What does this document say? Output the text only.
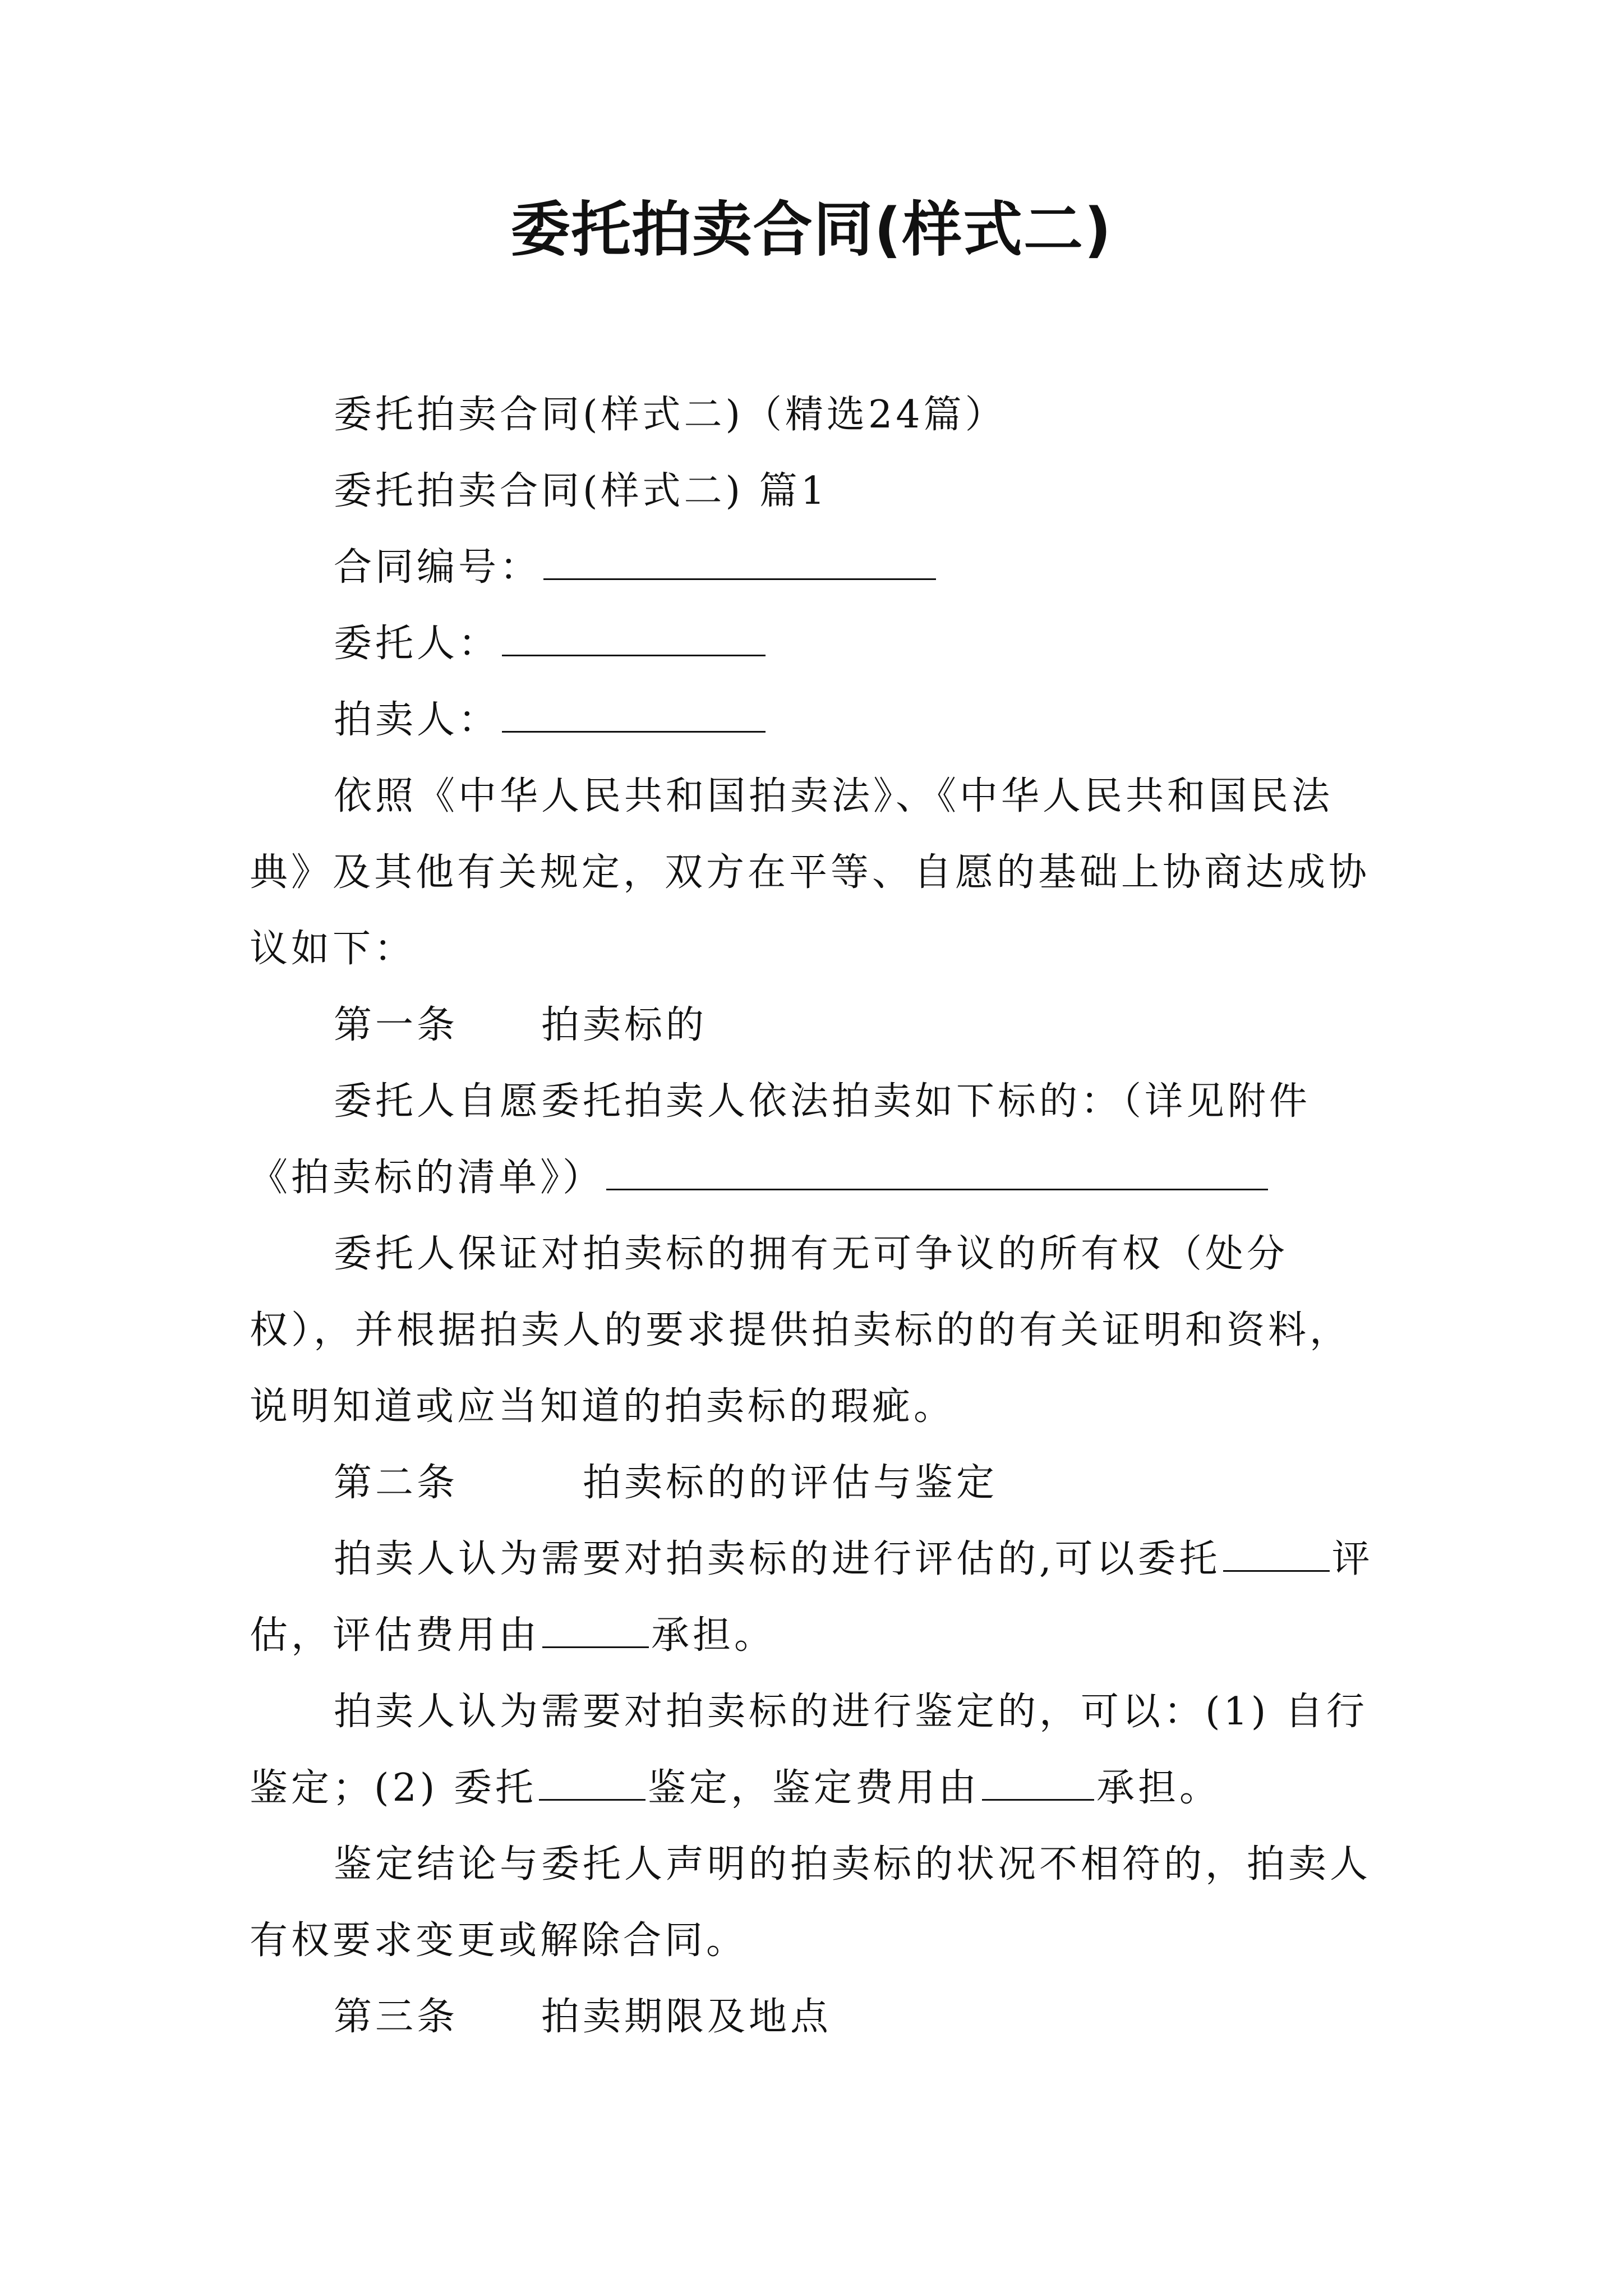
委托拍卖合同(样式二)

委托拍卖合同(样式二)（精选24篇）

委托拍卖合同(样式二) 篇1

合同编号：

委托人：

拍卖人：

依照《中华人民共和国拍卖法》、《中华人民共和国民法典》及其他有关规定，双方在平等、自愿的基础上协商达成协议如下：

第一条　　拍卖标的

委托人自愿委托拍卖人依法拍卖如下标的：（详见附件《拍卖标的清单》）

委托人保证对拍卖标的拥有无可争议的所有权（处分权），并根据拍卖人的要求提供拍卖标的的有关证明和资料，说明知道或应当知道的拍卖标的瑕疵。

第二条　　　拍卖标的的评估与鉴定

拍卖人认为需要对拍卖标的进行评估的,可以委托	评估，评估费用由	承担。

拍卖人认为需要对拍卖标的进行鉴定的，可以：(1) 自行鉴定；(2) 委托	鉴定，鉴定费用由	承担。

鉴定结论与委托人声明的拍卖标的状况不相符的，拍卖人有权要求变更或解除合同。

第三条　　拍卖期限及地点
